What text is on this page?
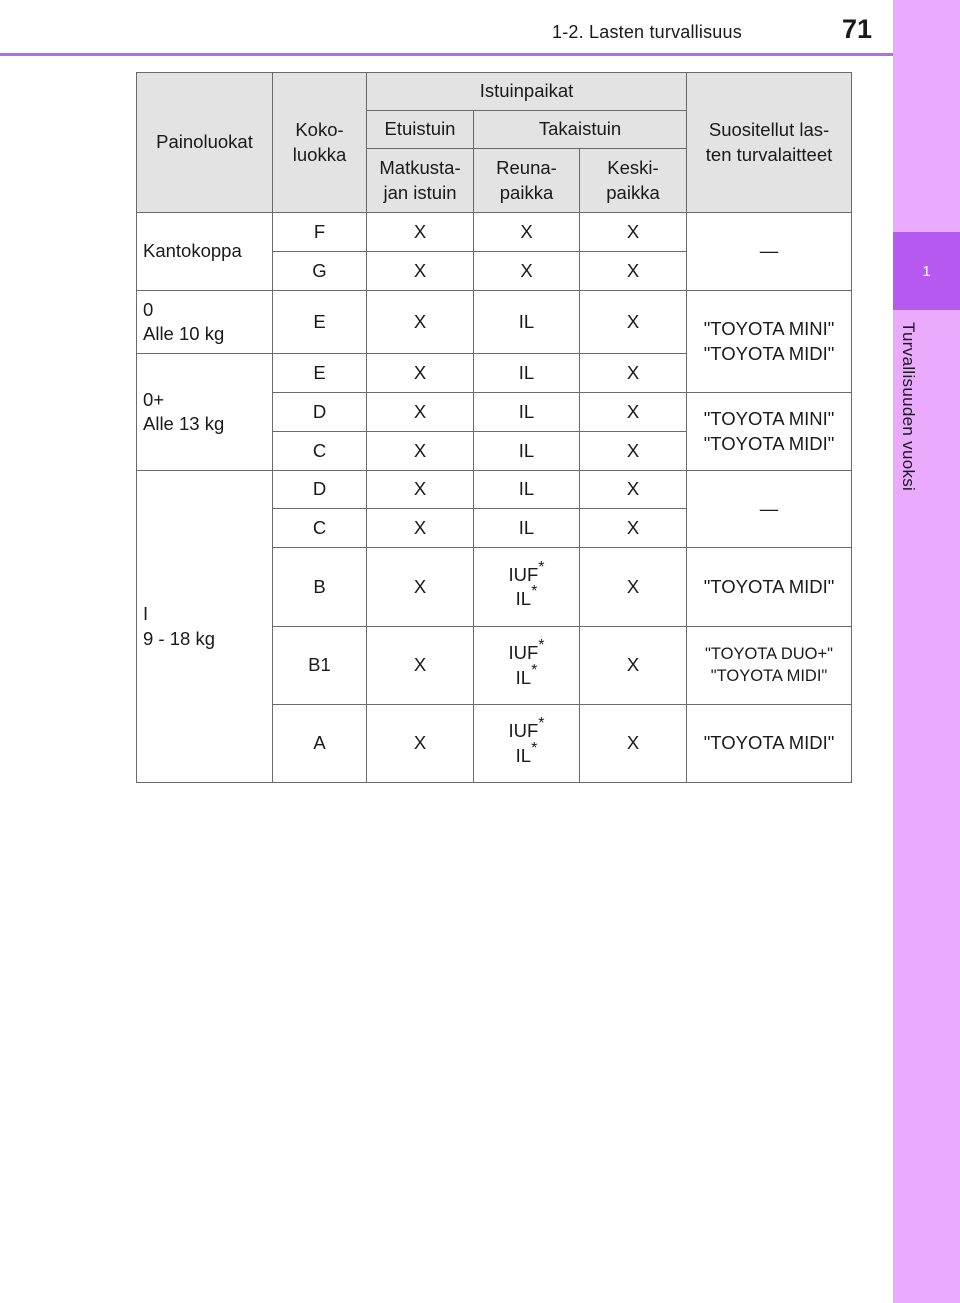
1
Turvallisuuden vuoksi
1-2. Lasten turvallisuus	71
Painoluokat	Koko-
luokka	Istuinpaikat			Suositellut las-
ten turvalaitteet
		Etuistuin	Takaistuin		
		Matkusta-
jan istuin	Reuna-
paikka	Keski-
paikka	
Kantokoppa	F	X	X	X	—
	G	X	X	X	
0
Alle 10 kg	E	X	IL	X	"TOYOTA MINI"
"TOYOTA MIDI"
0+
Alle 13 kg	E	X	IL	X	
	D	X	IL	X	"TOYOTA MINI"
"TOYOTA MIDI"
	C	X	IL	X	
I
9 - 18 kg	D	X	IL	X	—
	C	X	IL	X	
	B	X	IUF*
IL*	X	"TOYOTA MIDI"
	B1	X	IUF*
IL*	X	"TOYOTA DUO+"
"TOYOTA MIDI"
	A	X	IUF*
IL*	X	"TOYOTA MIDI"
